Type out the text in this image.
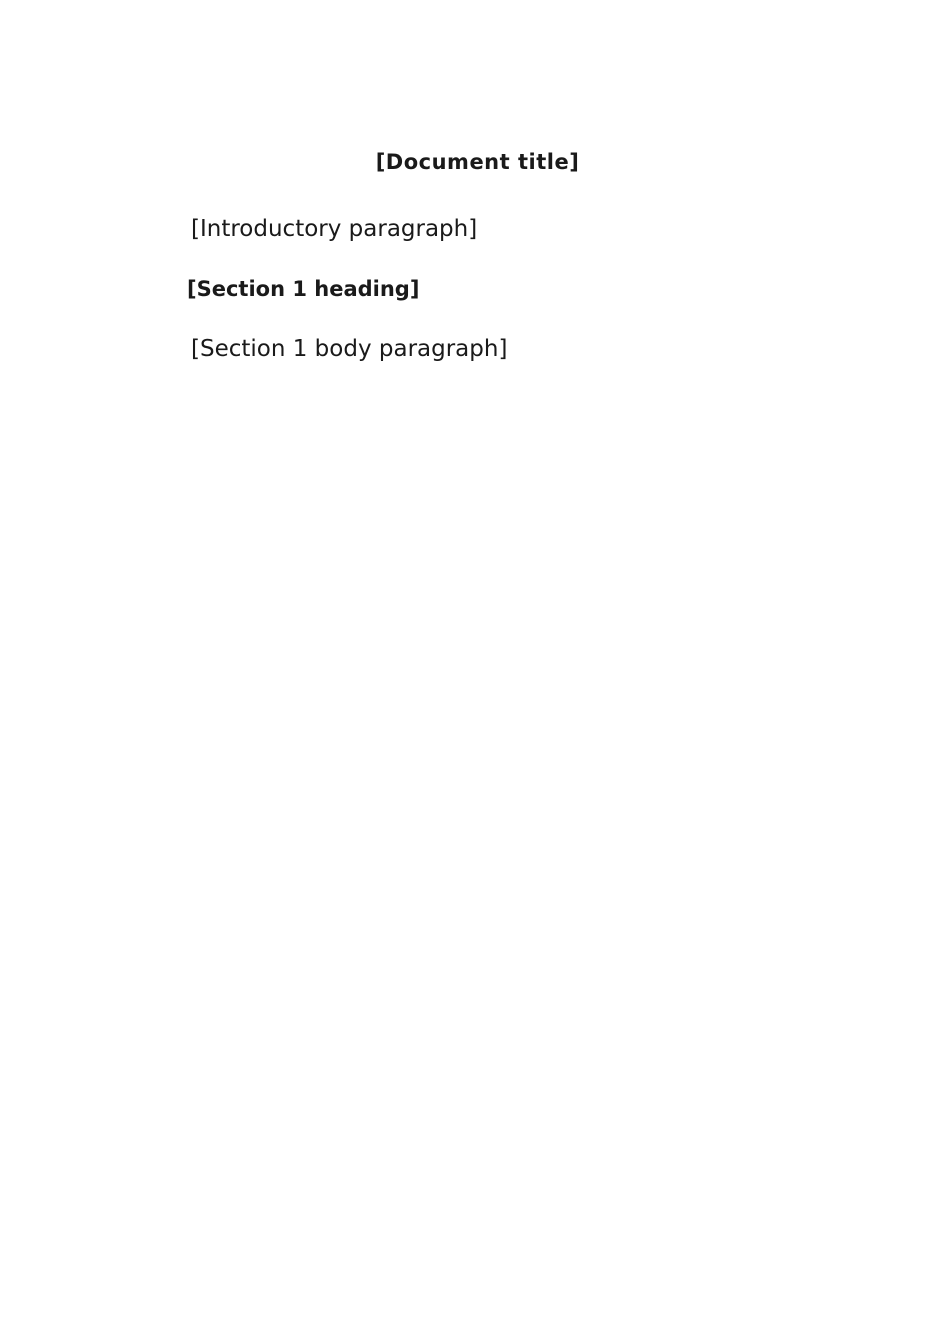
[Document title]

[Introductory paragraph]

[Section 1 heading]

[Section 1 body paragraph]
